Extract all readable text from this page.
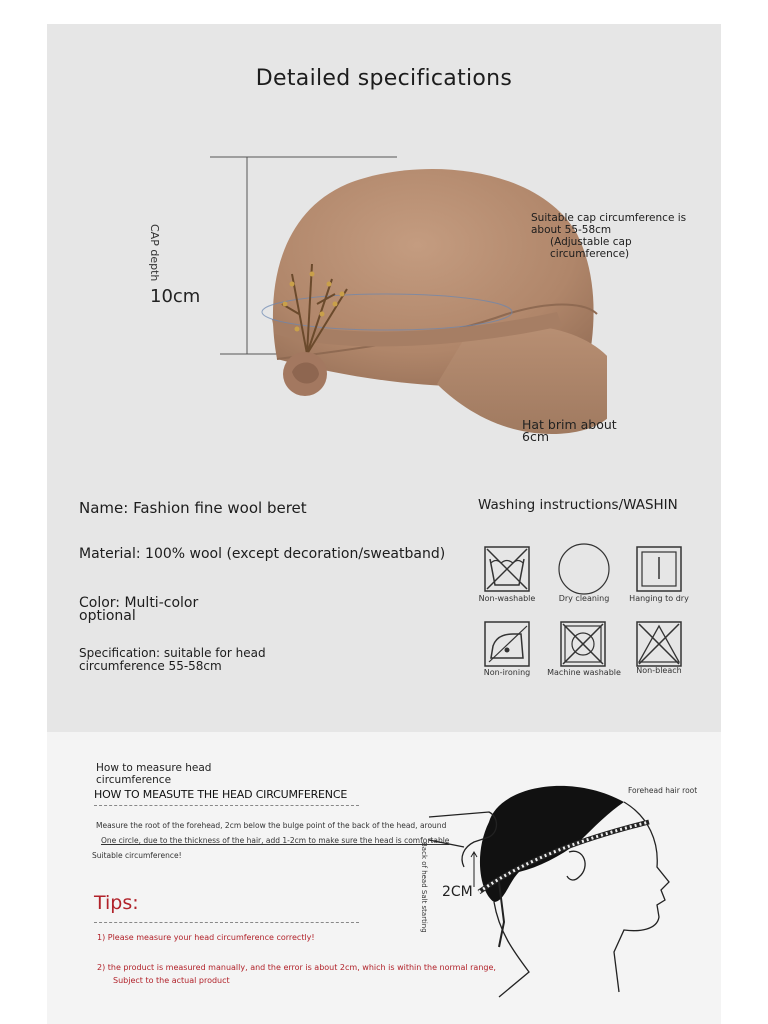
Detailed specifications
CAP depth
10cm
Suitable cap circumference is
about 55-58cm
(Adjustable cap
circumference)
Hat brim about
6cm
Name: Fashion fine wool beret
Material: 100% wool (except decoration/sweatband)
Color: Multi-color
optional
Specification: suitable for head
circumference 55-58cm
Washing instructions/WASHIN
Non-washable	Dry cleaning	Hanging to dry
Non-ironing	Machine washable	Non-bleach
How to measure head
circumference
HOW TO MEASUTE THE HEAD CIRCUMFERENCE
Measure the root of the forehead, 2cm below the bulge point of the back of the head, around
One circle, due to the thickness of the hair, add 1-2cm to make sure the head is comfortable
Suitable circumference!
Tips:
1) Please measure your head circumference correctly!
2) the product is measured manually, and the error is about 2cm, which is within the normal range,
Subject to the actual product
Forehead hair root
Back of head Salt starting 2CM
